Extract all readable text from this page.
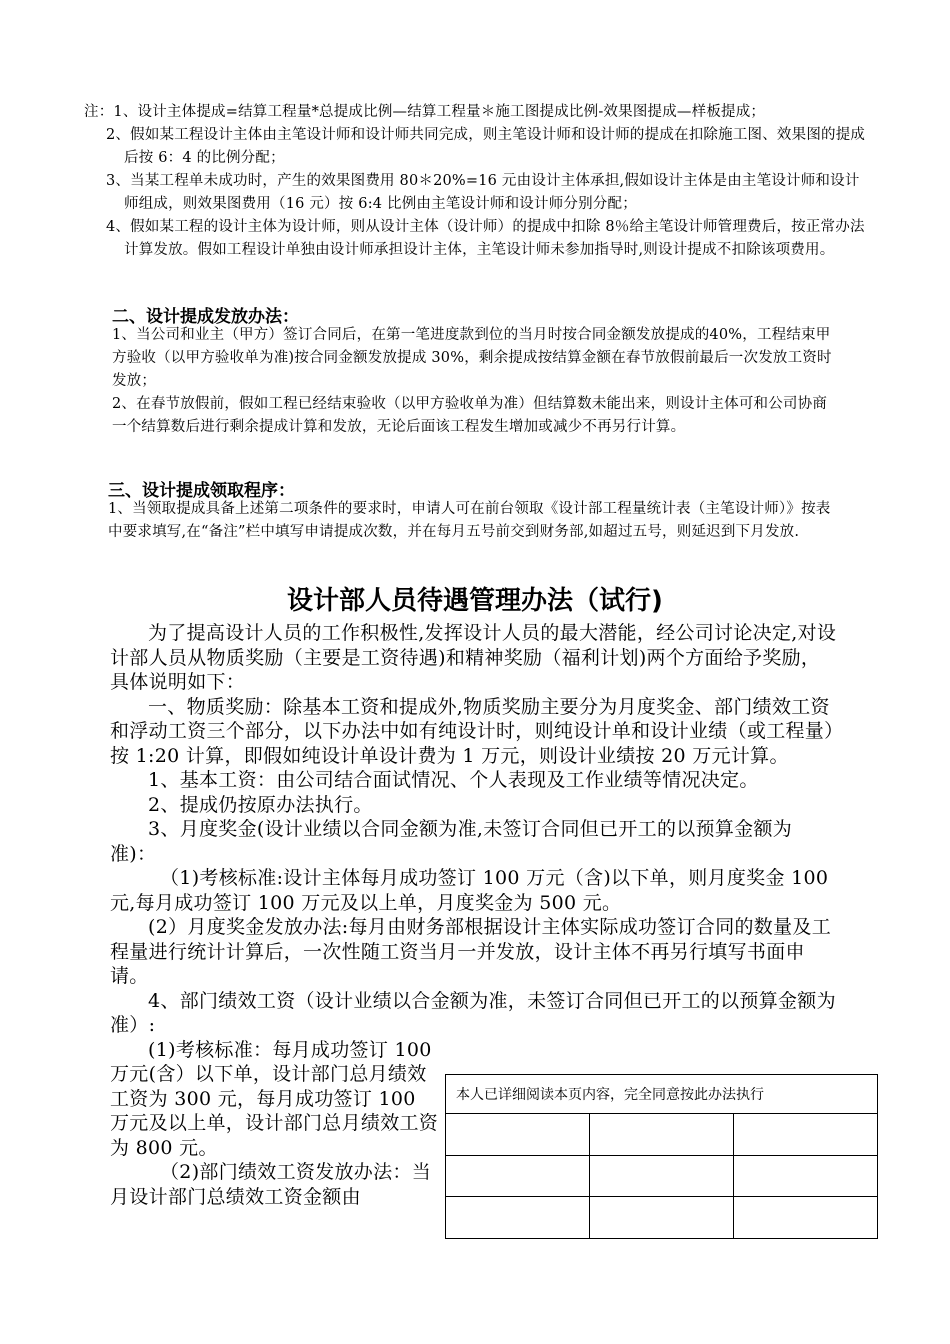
注：1、设计主体提成=结算工程量*总提成比例—结算工程量＊施工图提成比例-效果图提成—样板提成；
2、假如某工程设计主体由主笔设计师和设计师共同完成，则主笔设计师和设计师的提成在扣除施工图、效果图的提成后按 6：4 的比例分配；
3、当某工程单未成功时，产生的效果图费用 80＊20%=16 元由设计主体承担,假如设计主体是由主笔设计师和设计师组成，则效果图费用（16 元）按 6:4 比例由主笔设计师和设计师分别分配；
4、假如某工程的设计主体为设计师，则从设计主体（设计师）的提成中扣除 8％给主笔设计师管理费后，按正常办法计算发放。假如工程设计单独由设计师承担设计主体，主笔设计师未参加指导时,则设计提成不扣除该项费用。
二、设计提成发放办法：
1、当公司和业主（甲方）签订合同后，在第一笔进度款到位的当月时按合同金额发放提成的40%，工程结束甲方验收（以甲方验收单为准)按合同金额发放提成 30%，剩余提成按结算金额在春节放假前最后一次发放工资时发放；
2、在春节放假前，假如工程已经结束验收（以甲方验收单为准）但结算数未能出来，则设计主体可和公司协商一个结算数后进行剩余提成计算和发放，无论后面该工程发生增加或减少不再另行计算。
三、设计提成领取程序：
1、当领取提成具备上述第二项条件的要求时，申请人可在前台领取《设计部工程量统计表（主笔设计师）》按表中要求填写,在“备注”栏中填写申请提成次数，并在每月五号前交到财务部,如超过五号，则延迟到下月发放.
设计部人员待遇管理办法（试行)

为了提高设计人员的工作积极性,发挥设计人员的最大潜能，经公司讨论决定,对设计部人员从物质奖励（主要是工资待遇)和精神奖励（福利计划)两个方面给予奖励，具体说明如下：

一、物质奖励：除基本工资和提成外,物质奖励主要分为月度奖金、部门绩效工资和浮动工资三个部分，以下办法中如有纯设计时，则纯设计单和设计业绩（或工程量）按 1:20 计算，即假如纯设计单设计费为 1 万元，则设计业绩按 20 万元计算。

1、基本工资：由公司结合面试情况、个人表现及工作业绩等情况决定。

2、提成仍按原办法执行。

3、月度奖金(设计业绩以合同金额为准,未签订合同但已开工的以预算金额为准)：

（1)考核标准:设计主体每月成功签订 100 万元（含)以下单，则月度奖金 100 元,每月成功签订 100 万元及以上单，月度奖金为 500 元。

(2）月度奖金发放办法:每月由财务部根据设计主体实际成功签订合同的数量及工程量进行统计计算后，一次性随工资当月一并发放，设计主体不再另行填写书面申请。

4、部门绩效工资（设计业绩以合金额为准，未签订合同但已开工的以预算金额为准）:

(1)考核标准：每月成功签订 100 万元(含）以下单，设计部门总月绩效工资为 300 元，每月成功签订 100 万元及以上单，设计部门总月绩效工资为 800 元。

（2)部门绩效工资发放办法：当月设计部门总绩效工资金额由

本人已详细阅读本页内容，完全同意按此办法执行		
